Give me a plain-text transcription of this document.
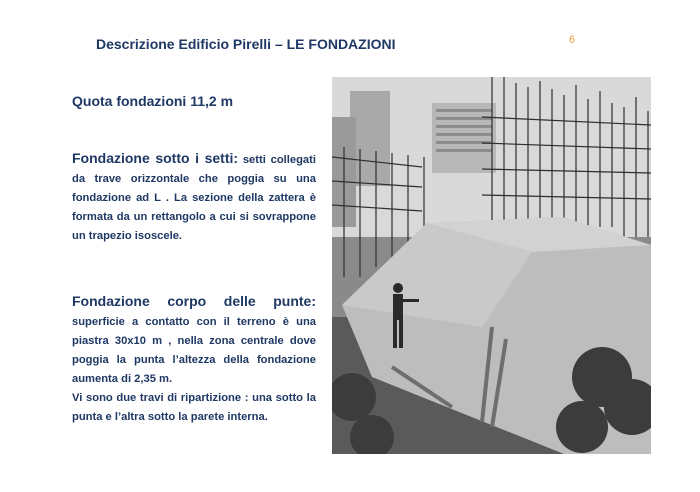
Descrizione Edificio Pirelli – LE FONDAZIONI	6
Quota fondazioni 11,2 m
Fondazione sotto i setti: setti collegati da trave orizzontale che poggia su una fondazione ad L . La sezione della zattera è formata da un rettangolo a cui si sovrappone un trapezio isoscele.

Fondazione corpo delle punte: superficie a contatto con il terreno è una piastra 30x10 m , nella zona centrale dove poggia la punta l’altezza della fondazione aumenta di 2,35 m.

Vi sono due travi di ripartizione : una sotto la punta e l’altra sotto la parete interna.
